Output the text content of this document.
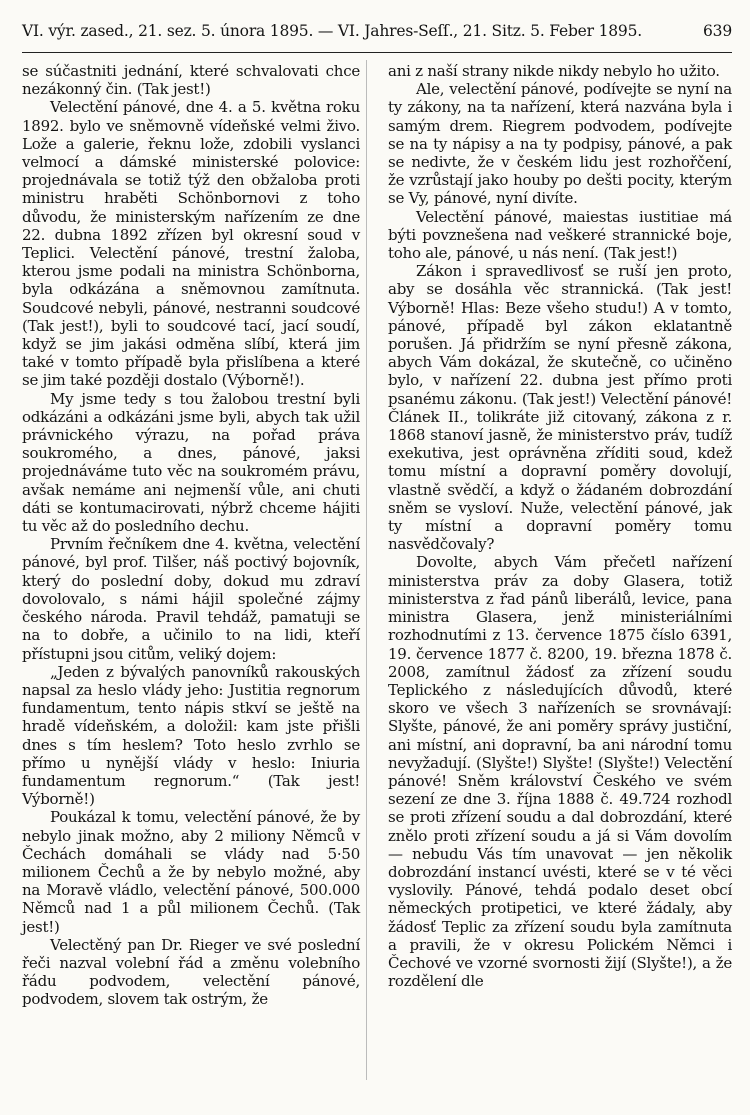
VI. výr. zased., 21. sez. 5. února 1895. — VI. Jahres-Seſſ., 21. Sitz. 5. Feber 1895.	639

se súčastniti jednání, které schvalovati chce nezákonný čin. (Tak jest!)

Velectění pánové, dne 4. a 5. května roku 1892. bylo ve sněmovně vídeňské velmi živo. Lože a galerie, řeknu lože, zdobili vyslanci velmocí a dámské ministerské polovice: projednávala se totiž týž den obžaloba proti ministru hraběti Schönbornovi z toho důvodu, že ministerským nařízením ze dne 22. dubna 1892 zřízen byl okresní soud v Teplici. Velectění pánové, trestní žaloba, kterou jsme podali na ministra Schönborna, byla odkázána a sněmovnou zamítnuta. Soudcové nebyli, pánové, nestranni soudcové (Tak jest!), byli to soudcové tací, jací soudí, když se jim jakási odměna slíbí, která jim také v tomto případě byla přislíbena a které se jim také později dostalo (Výborně!).

My jsme tedy s tou žalobou trestní byli odkázáni a odkázáni jsme byli, abych tak užil právnického výrazu, na pořad práva soukromého, a dnes, pánové, jaksi projednáváme tuto věc na soukromém právu, avšak nemáme ani nejmenší vůle, ani chuti dáti se kontumacirovati, nýbrž chceme hájiti tu věc až do posledního dechu.

Prvním řečníkem dne 4. května, velectění pánové, byl prof. Tilšer, náš poctivý bojovník, který do poslední doby, dokud mu zdraví dovolovalo, s námi hájil společné zájmy českého národa. Pravil tehdáž, pamatuji se na to dobře, a učinilo to na lidi, kteří přístupni jsou citům, veliký dojem:

„Jeden z bývalých panovníků rakouských napsal za heslo vlády jeho: Justitia regnorum fundamentum, tento nápis stkví se ještě na hradě vídeňském, a doložil: kam jste přišli dnes s tím heslem? Toto heslo zvrhlo se přímo u nynější vlády v heslo: Iniuria fundamentum regnorum.“ (Tak jest! Výborně!)

Poukázal k tomu, velectění pánové, že by nebylo jinak možno, aby 2 miliony Němců v Čechách domáhali se vlády nad 5·50 milionem Čechů a že by nebylo možné, aby na Moravě vládlo, velectění pánové, 500.000 Němců nad 1 a půl milionem Čechů. (Tak jest!)

Velectěný pan Dr. Rieger ve své poslední řeči nazval volební řád a změnu volebního řádu podvodem, velectění pánové, podvodem, slovem tak ostrým, že

ani z naší strany nikde nikdy nebylo ho užito.

Ale, velectění pánové, podívejte se nyní na ty zákony, na ta nařízení, která nazvána byla i samým drem. Riegrem podvodem, podívejte se na ty nápisy a na ty podpisy, pánové, a pak se nedivte, že v českém lidu jest rozhořčení, že vzrůstají jako houby po dešti pocity, kterým se Vy, pánové, nyní divíte.

Velectění pánové, maiestas iustitiae má býti povznešena nad veškeré strannické boje, toho ale, pánové, u nás není. (Tak jest!)

Zákon i spravedlivosť se ruší jen proto, aby se dosáhla věc strannická. (Tak jest! Výborně! Hlas: Beze všeho studu!) A v tomto, pánové, případě byl zákon eklatantně porušen. Já přidržím se nyní přesně zákona, abych Vám dokázal, že skutečně, co učiněno bylo, v nařízení 22. dubna jest přímo proti psanému zákonu. (Tak jest!) Velectění pánové! Článek II., tolikráte již citovaný, zákona z r. 1868 stanoví jasně, že ministerstvo práv, tudíž exekutiva, jest oprávněna zříditi soud, kdež tomu místní a dopravní poměry dovolují, vlastně svědčí, a když o žádaném dobrozdání sněm se vysloví. Nuže, velectění pánové, jak ty místní a dopravní poměry tomu nasvědčovaly?

Dovolte, abych Vám přečetl nařízení ministerstva práv za doby Glasera, totiž ministerstva z řad pánů liberálů, levice, pana ministra Glasera, jenž ministeriálními rozhodnutími z 13. července 1875 číslo 6391, 19. července 1877 č. 8200, 19. března 1878 č. 2008, zamítnul žádosť za zřízení soudu Teplického z následujících důvodů, které skoro ve všech 3 nařízeních se srovnávají: Slyšte, pánové, že ani poměry správy justiční, ani místní, ani dopravní, ba ani národní tomu nevyžadují. (Slyšte!) Slyšte! (Slyšte!) Velectění pánové! Sněm království Českého ve svém sezení ze dne 3. října 1888 č. 49.724 rozhodl se proti zřízení soudu a dal dobrozdání, které znělo proti zřízení soudu a já si Vám dovolím — nebudu Vás tím unavovat — jen několik dobrozdání instancí uvésti, které se v té věci vyslovily. Pánové, tehdá podalo deset obcí německých protipetici, ve které žádaly, aby žádosť Teplic za zřízení soudu byla zamítnuta a pravili, že v okresu Polickém Němci i Čechové ve vzorné svornosti žijí (Slyšte!), a že rozdělení dle
